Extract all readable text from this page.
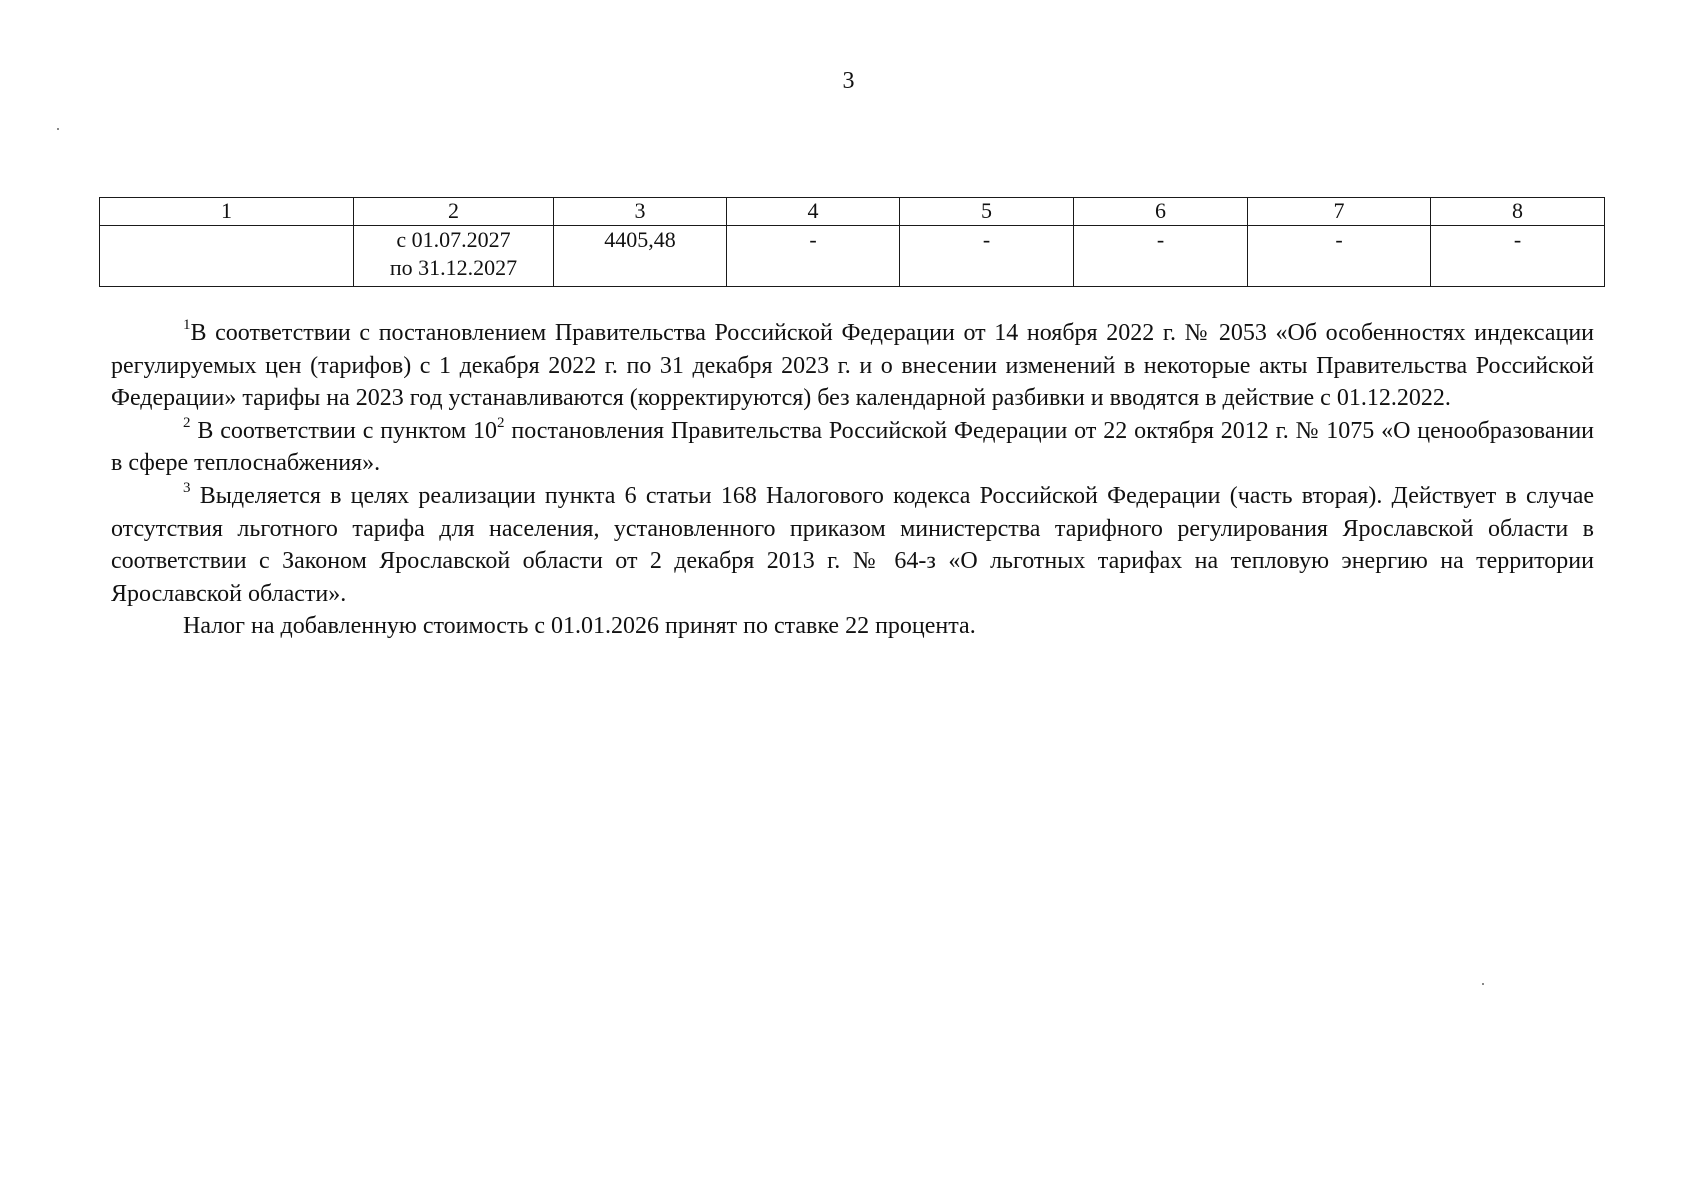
3
1	2	3	4	5	6	7	8

	с 01.07.2027
по 31.12.2027	4405,48	-	-	-	-	-

$^1$В соответствии с постановлением Правительства Российской Федерации от 14 ноября 2022 г. № 2053 «Об особенностях индексации регулируемых цен (тарифов) с 1 декабря 2022 г. по 31 декабря 2023 г. и о внесении изменений в некоторые акты Правительства Российской Федерации» тарифы на 2023 год устанавливаются (корректируются) без календарной разбивки и вводятся в действие с 01.12.2022.

$^2$ В соответствии с пунктом $10^2$ постановления Правительства Российской Федерации от 22 октября 2012 г. № 1075 «О ценообразовании в сфере теплоснабжения».

$^3$ Выделяется в целях реализации пункта 6 статьи 168 Налогового кодекса Российской Федерации (часть вторая). Действует в случае отсутствия льготного тарифа для населения, установленного приказом министерства тарифного регулирования Ярославской области в соответствии с Законом Ярославской области от 2 декабря 2013 г. № 64-з «О льготных тарифах на тепловую энергию на территории Ярославской области».

Налог на добавленную стоимость с 01.01.2026 принят по ставке 22 процента.
